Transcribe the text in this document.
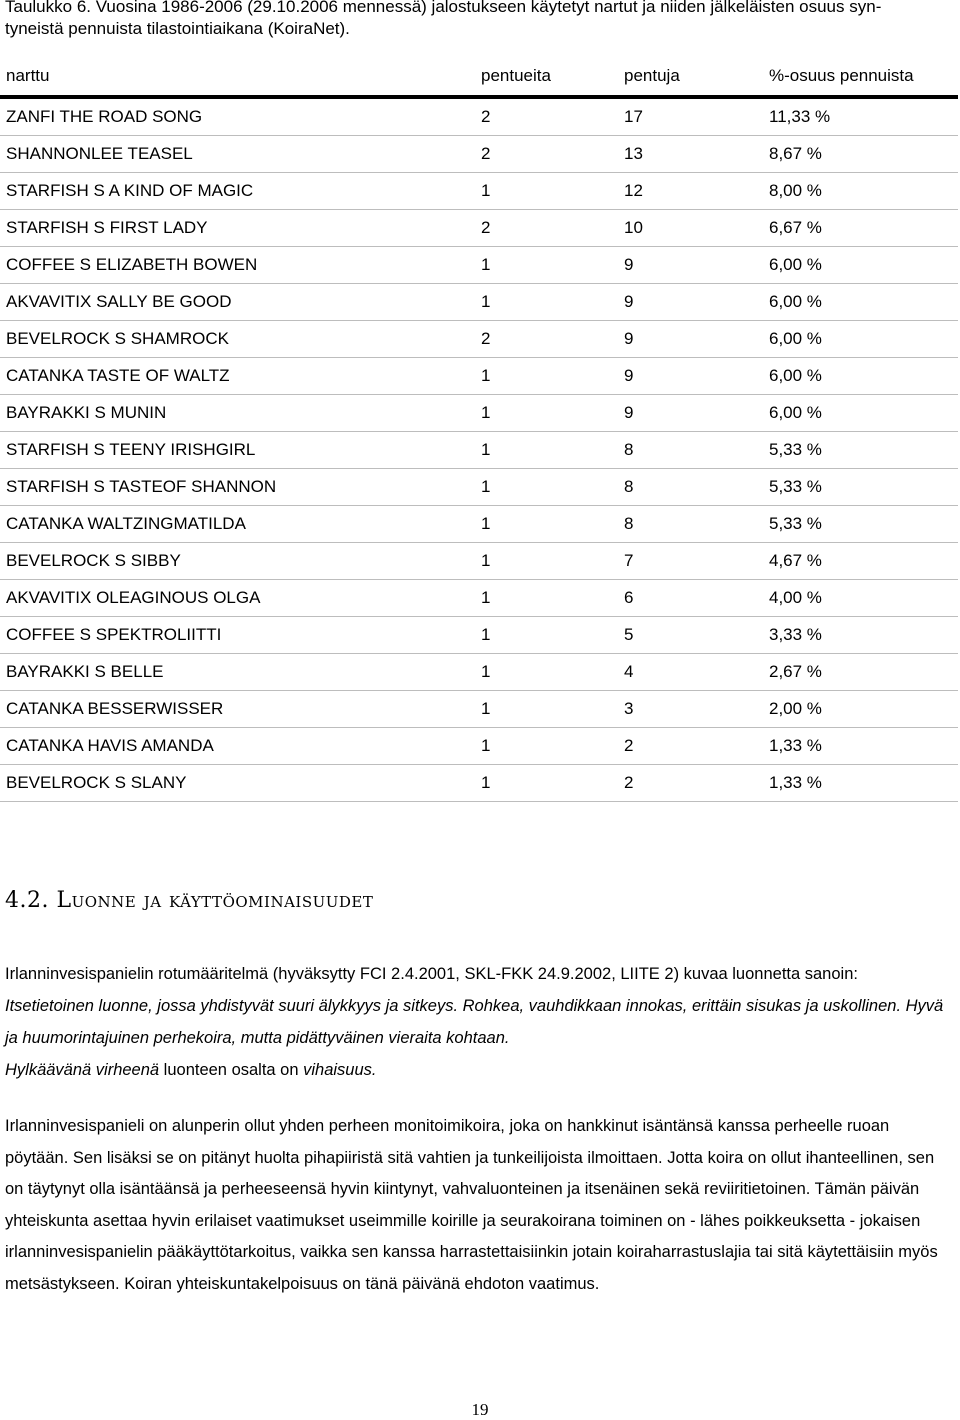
Taulukko 6. Vuosina 1986-2006 (29.10.2006 mennessä) jalostukseen käytetyt nartut ja niiden jälkeläisten osuus syn-
tyneistä pennuista tilastointiaikana (KoiraNet).
narttu	pentueita	pentuja	%-osuus pennuista
ZANFI THE ROAD SONG	2	17	11,33 %
SHANNONLEE TEASEL	2	13	8,67 %
STARFISH S A KIND OF MAGIC	1	12	8,00 %
STARFISH S FIRST LADY	2	10	6,67 %
COFFEE S ELIZABETH BOWEN	1	9	6,00 %
AKVAVITIX SALLY BE GOOD	1	9	6,00 %
BEVELROCK S SHAMROCK	2	9	6,00 %
CATANKA TASTE OF WALTZ	1	9	6,00 %
BAYRAKKI S MUNIN	1	9	6,00 %
STARFISH S TEENY IRISHGIRL	1	8	5,33 %
STARFISH S TASTEOF SHANNON	1	8	5,33 %
CATANKA WALTZINGMATILDA	1	8	5,33 %
BEVELROCK S SIBBY	1	7	4,67 %
AKVAVITIX OLEAGINOUS OLGA	1	6	4,00 %
COFFEE S SPEKTROLIITTI	1	5	3,33 %
BAYRAKKI S BELLE	1	4	2,67 %
CATANKA BESSERWISSER	1	3	2,00 %
CATANKA HAVIS AMANDA	1	2	1,33 %
BEVELROCK S SLANY	1	2	1,33 %
4.2. Luonne ja käyttöominaisuudet
Irlanninvesispanielin rotumääritelmä (hyväksytty FCI 2.4.2001, SKL-FKK 24.9.2002, LIITE 2) kuvaa luonnetta sanoin:
Itsetietoinen luonne, jossa yhdistyvät suuri älykkyys ja sitkeys. Rohkea, vauhdikkaan innokas, erittäin sisukas ja uskollinen. Hyvä ja huumorintajuinen perhekoira, mutta pidättyväinen vieraita kohtaan.
Hylkäävänä virheenä luonteen osalta on vihaisuus.
Irlanninvesispanieli on alunperin ollut yhden perheen monitoimikoira, joka on hankkinut isäntänsä kanssa perheelle ruoan pöytään. Sen lisäksi se on pitänyt huolta pihapiiristä sitä vahtien ja tunkeilijoista ilmoittaen. Jotta koira on ollut ihanteellinen, sen on täytynyt olla isäntäänsä ja perheeseensä hyvin kiintynyt, vahvaluonteinen ja itsenäinen sekä reviiritietoinen. Tämän päivän yhteiskunta asettaa hyvin erilaiset vaatimukset useimmille koirille ja seurakoiranа toiminen on - lähes poikkeuksetta - jokaisen irlanninvesispanielin pääkäyttötarkoitus, vaikka sen kanssa harrastettaisiinkin jotain koiraharrastuslajia tai sitä käytettäisiin myös metsästykseen. Koiran yhteiskuntakelpoisuus on tänä päivänä ehdoton vaatimus.
19
